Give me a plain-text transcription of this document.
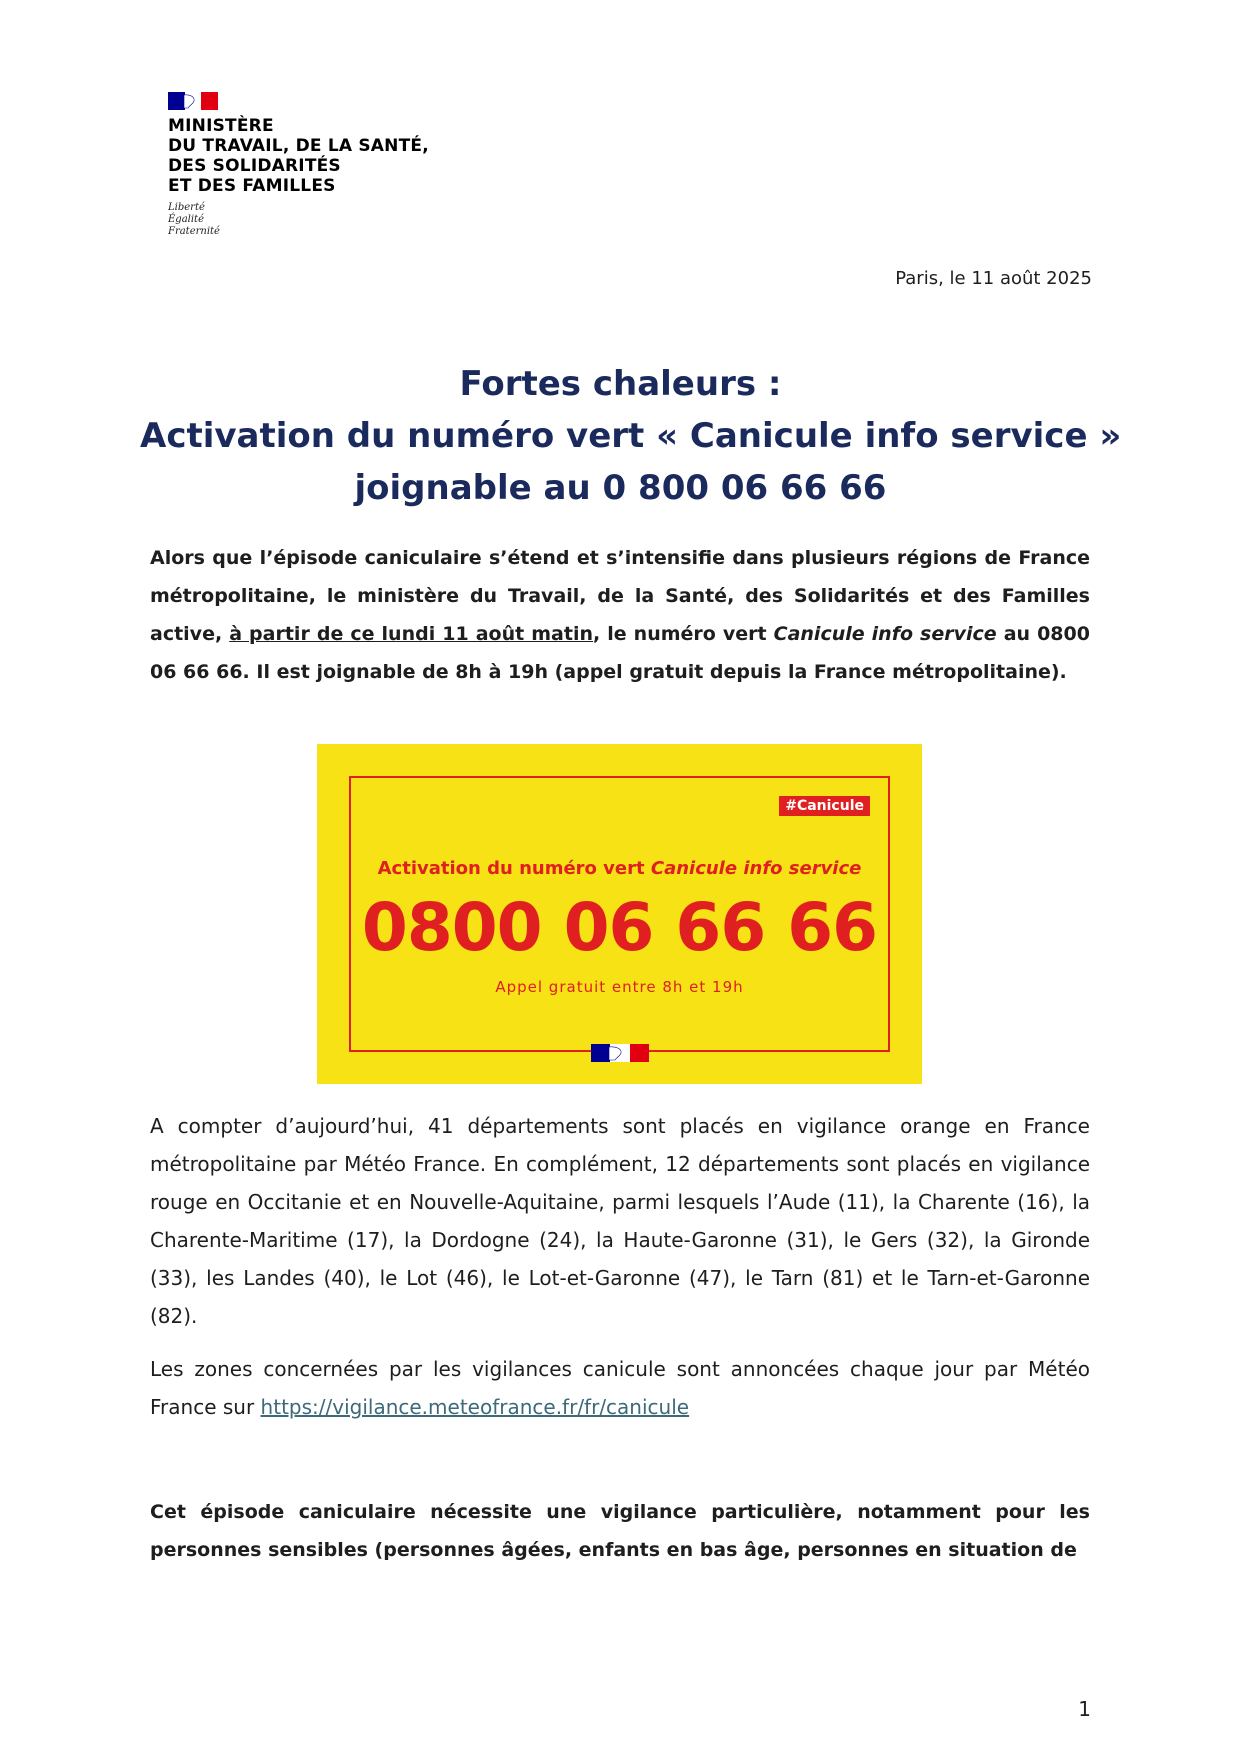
MINISTÈRE
DU TRAVAIL, DE LA SANTÉ,
DES SOLIDARITÉS
ET DES FAMILLES
Liberté
Égalité
Fraternité
Paris, le 11 août 2025
Fortes chaleurs :
Activation du numéro vert « Canicule info service »
joignable au 0 800 06 66 66
Alors que l’épisode caniculaire s’étend et s’intensifie dans plusieurs régions de France métropolitaine, le ministère du Travail, de la Santé, des Solidarités et des Familles active, à partir de ce lundi 11 août matin, le numéro vert Canicule info service au 0800 06 66 66. Il est joignable de 8h à 19h (appel gratuit depuis la France métropolitaine).
#Canicule
Activation du numéro vert Canicule info service
0800 06 66 66
Appel gratuit entre 8h et 19h
A compter d’aujourd’hui, 41 départements sont placés en vigilance orange en France métropolitaine par Météo France. En complément, 12 départements sont placés en vigilance rouge en Occitanie et en Nouvelle-Aquitaine, parmi lesquels l’Aude (11), la Charente (16), la Charente-Maritime (17), la Dordogne (24), la Haute-Garonne (31), le Gers (32), la Gironde (33), les Landes (40), le Lot (46), le Lot-et-Garonne (47), le Tarn (81) et le Tarn-et-Garonne (82).
Les zones concernées par les vigilances canicule sont annoncées chaque jour par Météo France sur https://vigilance.meteofrance.fr/fr/canicule
Cet épisode caniculaire nécessite une vigilance particulière, notamment pour les personnes sensibles (personnes âgées, enfants en bas âge, personnes en situation de
1
